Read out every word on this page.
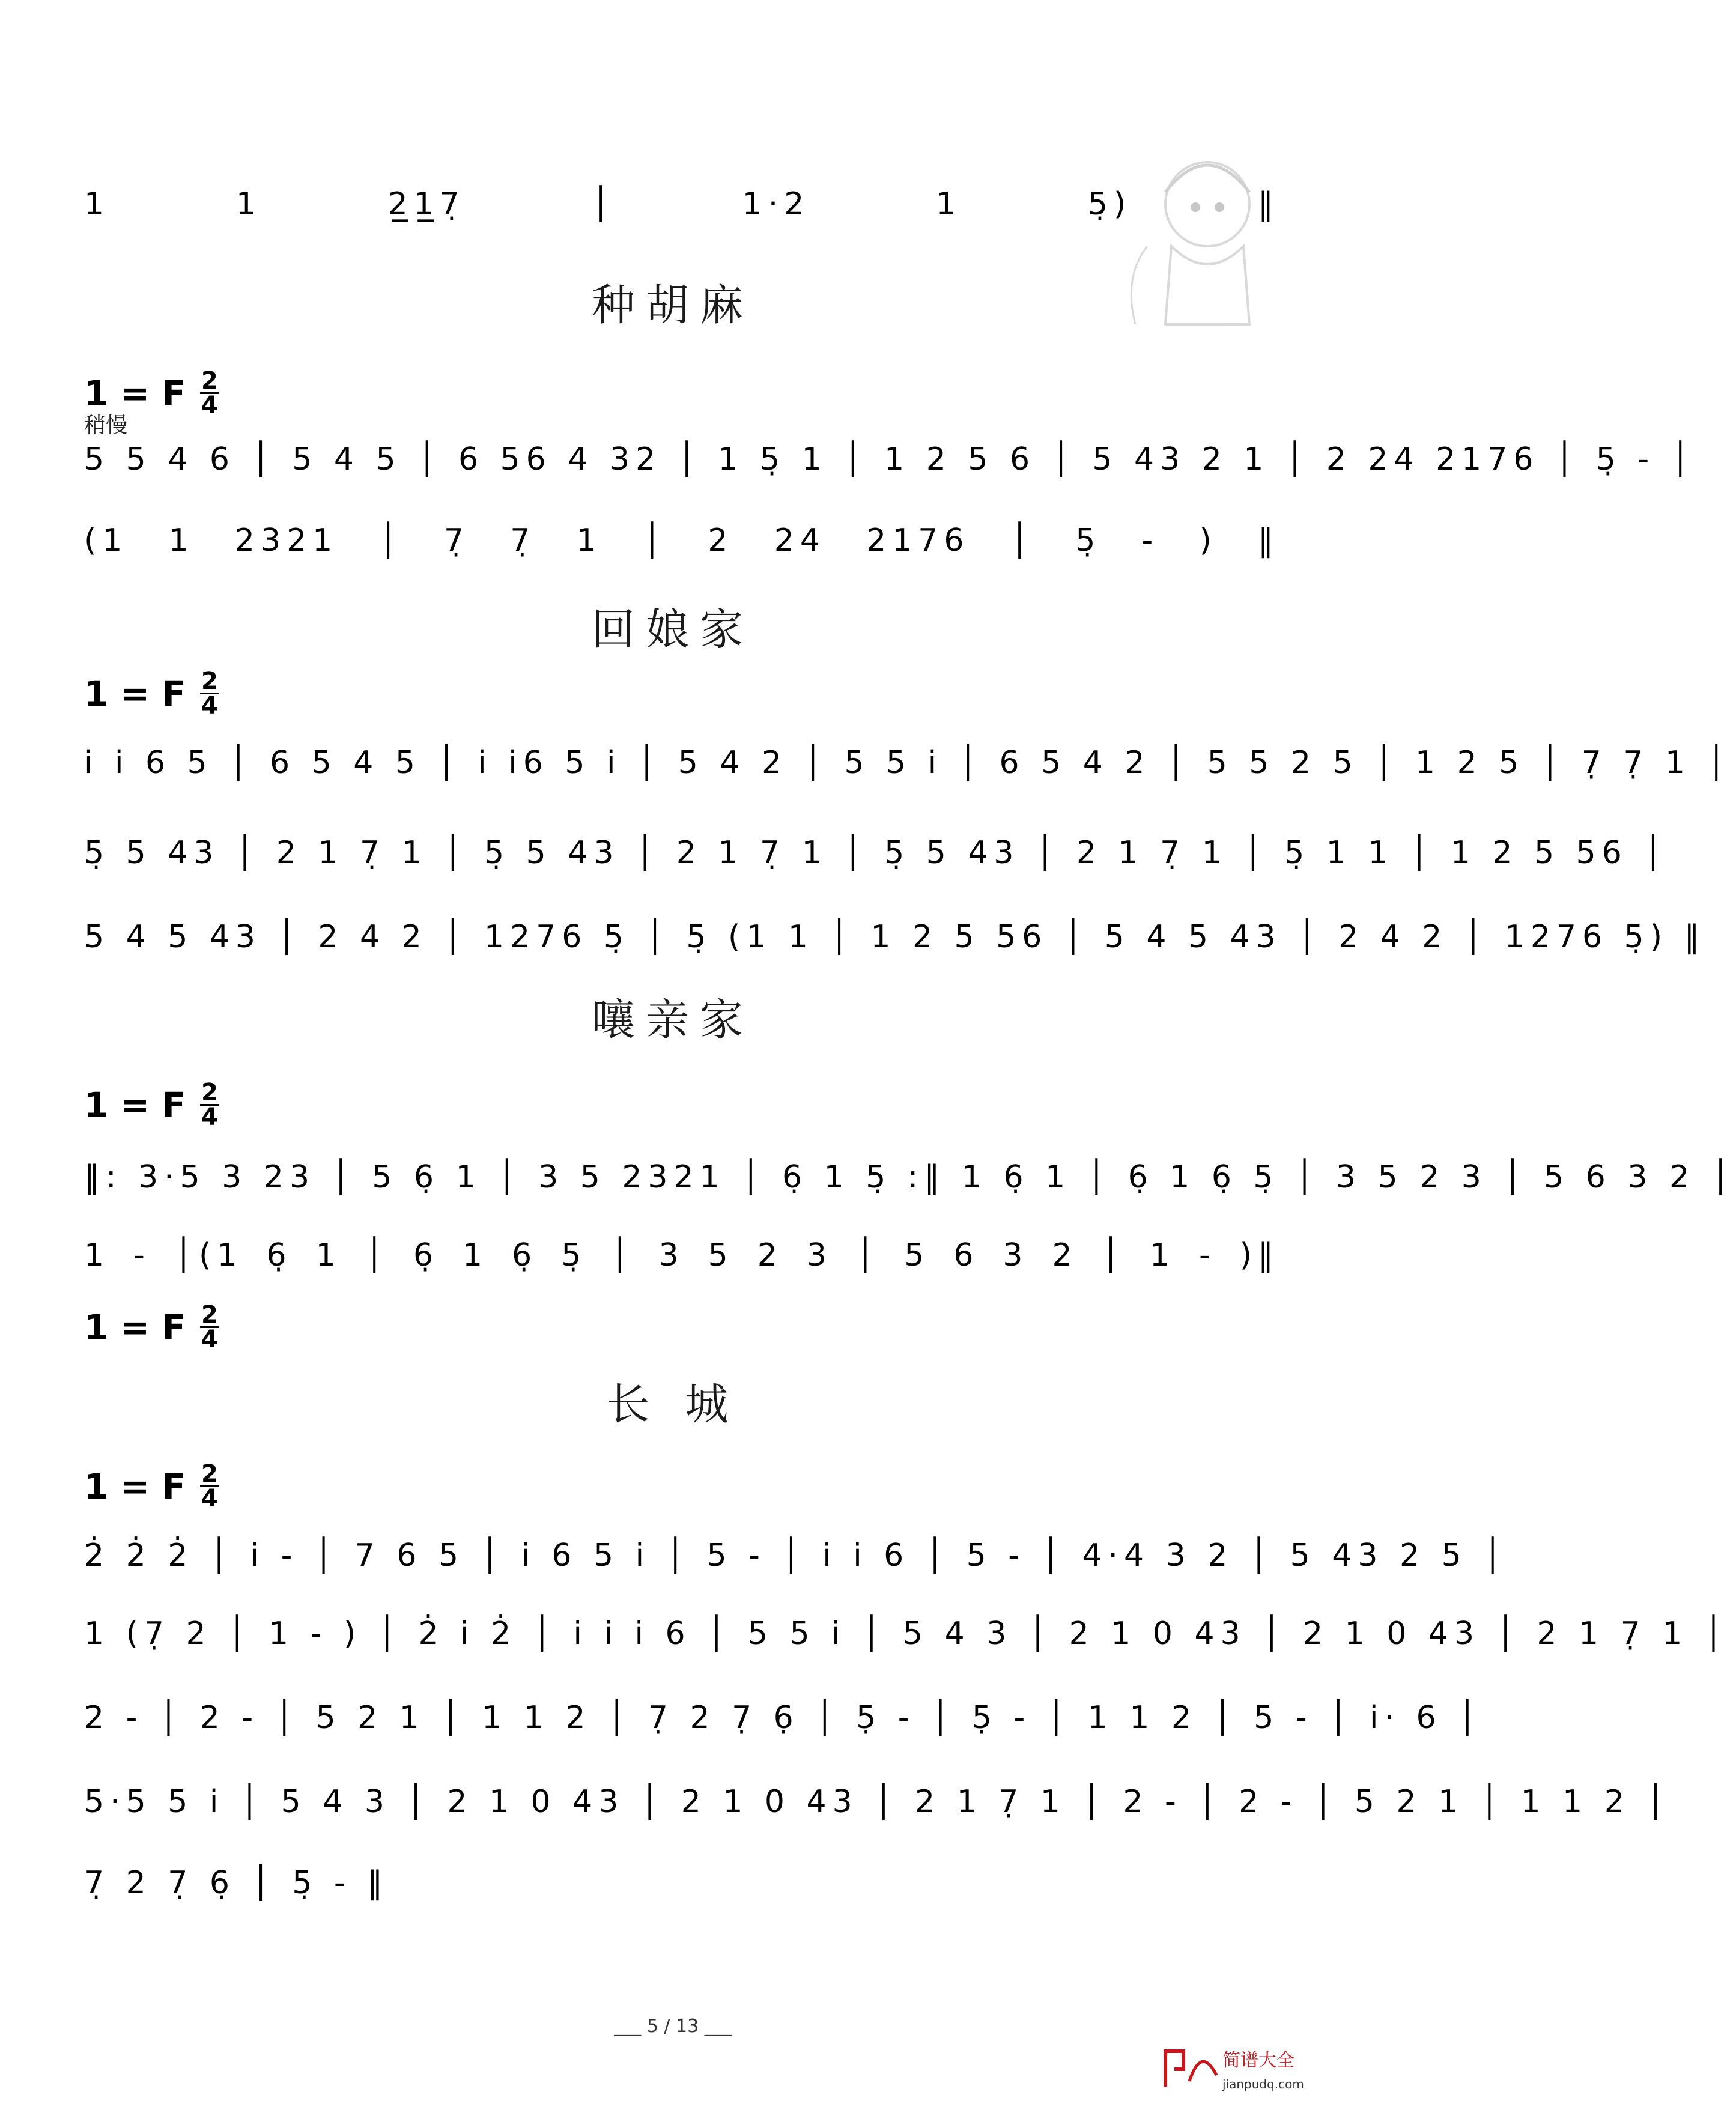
1 1 2̲1̲7̣ │ 1·2 1 5̣) ‖
种胡麻
1 = F 2
4
稍慢
5 5 4 6 │ 5 4 5 │ 6 56 4 32 │ 1 5̣ 1 │ 1 2 5 6 │ 5 43 2 1 │ 2 24 2176 │ 5̣ - │
(1 1 2321 │ 7̣ 7̣ 1 │ 2 24 2176 │ 5̣ - ) ‖
回娘家
1 = F 2
4
i̇ i̇ 6 5 │ 6 5 4 5 │ i̇ i̇6 5 i̇ │ 5 4 2 │ 5 5 i̇ │ 6 5 4 2 │ 5 5 2 5 │ 1 2 5 │ 7̣ 7̣ 1 │
5̣ 5 43 │ 2 1 7̣ 1 │ 5̣ 5 43 │ 2 1 7̣ 1 │ 5̣ 5 43 │ 2 1 7̣ 1 │ 5̣ 1 1 │ 1 2 5 56 │
5 4 5 43 │ 2 4 2 │ 1276 5̣ │ 5̣ (1 1 │ 1 2 5 56 │ 5 4 5 43 │ 2 4 2 │ 1276 5̣) ‖
嚷亲家
1 = F 2
4
‖: 3·5 3 23 │ 5 6̣ 1 │ 3 5 2321 │ 6̣ 1 5̣ :‖ 1 6̣ 1 │ 6̣ 1 6̣ 5̣ │ 3 5 2 3 │ 5 6 3 2 │
1 - │(1 6̣ 1 │ 6̣ 1 6̣ 5̣ │ 3 5 2 3 │ 5 6 3 2 │ 1 - )‖
1 = F 2
4
长 城
1 = F 2
4
2̇ 2̇ 2̇ │ i̇ - │ 7 6 5 │ i̇ 6 5 i̇ │ 5 - │ i̇ i̇ 6 │ 5 - │ 4·4 3 2 │ 5 43 2 5 │
1 (7̣ 2 │ 1 - ) │ 2̇ i̇ 2̇ │ i̇ i̇ i̇ 6 │ 5 5 i̇ │ 5 4 3 │ 2 1 0 43 │ 2 1 0 43 │ 2 1 7̣ 1 │
2 - │ 2 - │ 5 2 1 │ 1 1 2 │ 7̣ 2 7̣ 6̣ │ 5̣ - │ 5̣ - │ 1 1 2 │ 5 - │ i̇· 6 │
5·5 5 i̇ │ 5 4 3 │ 2 1 0 43 │ 2 1 0 43 │ 2 1 7̣ 1 │ 2 - │ 2 - │ 5 2 1 │ 1 1 2 │
7̣ 2 7̣ 6̣ │ 5̣ - ‖
___ 5 / 13 ___
简谱大全
jianpudq.com
